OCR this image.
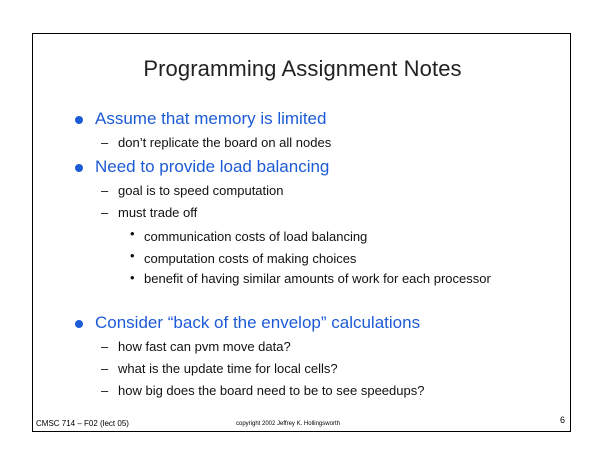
Programming Assignment Notes
Assume that memory is limited
– don’t replicate the board on all nodes
Need to provide load balancing
– goal is to speed computation
– must trade off
• communication costs of load balancing
• computation costs of making choices
• benefit of having similar amounts of work for each processor
Consider “back of the envelop” calculations
– how fast can pvm move data?
– what is the update time for local cells?
– how big does the board need to be to see speedups?
CMSC 714 – F02 (lect 05)	copyright 2002 Jeffrey K. Hollingsworth	6
